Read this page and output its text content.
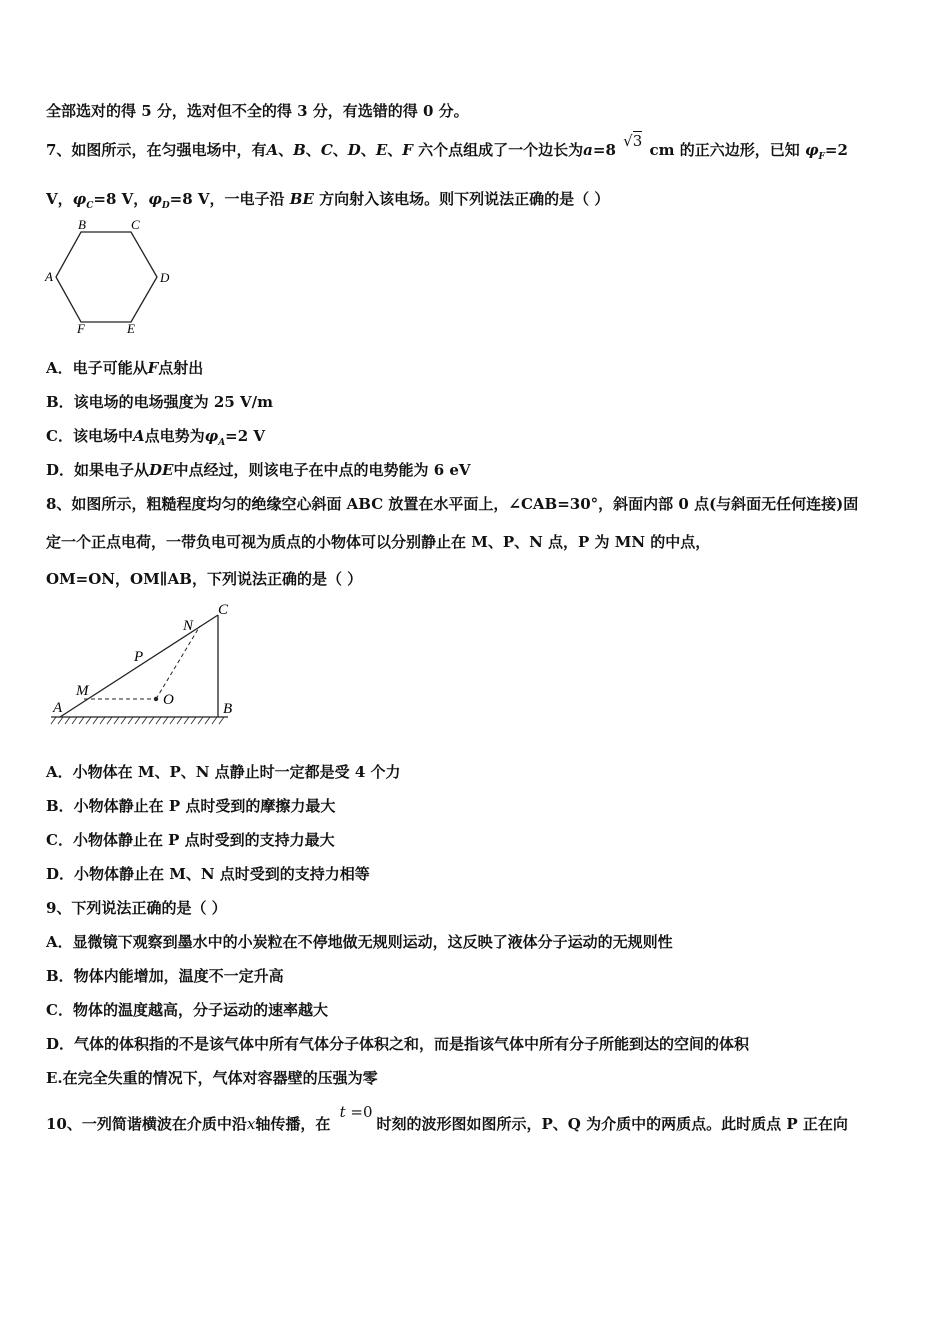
全部选对的得 5 分，选对但不全的得 3 分，有选错的得 0 分。
7、如图所示，在匀强电场中，有A、B、C、D、E、F 六个点组成了一个边长为a=8 √3 cm 的正六边形，已知 $\varphi_F=2$
V，$\varphi_C=8$ V，$\varphi_D=8$ V，一电子沿 BE 方向射入该电场。则下列说法正确的是（ ）
B	C
A	D
F	E
A．电子可能从F点射出
B．该电场的电场强度为 25 V/m
C．该电场中A点电势为$\varphi_A=2$ V
D．如果电子从DE中点经过，则该电子在中点的电势能为 6 eV
8、如图所示，粗糙程度均匀的绝缘空心斜面 ABC 放置在水平面上，∠CAB=30°，斜面内部 0 点(与斜面无任何连接)固
定一个正点电荷，一带负电可视为质点的小物体可以分别静止在 M、P、N 点，P 为 MN 的中点，
OM=ON，OM∥AB，下列说法正确的是（ ）
A	B
C
M
N
P
O
A．小物体在 M、P、N 点静止时一定都是受 4 个力
B．小物体静止在 P 点时受到的摩擦力最大
C．小物体静止在 P 点时受到的支持力最大
D．小物体静止在 M、N 点时受到的支持力相等
9、下列说法正确的是（ ）
A．显微镜下观察到墨水中的小炭粒在不停地做无规则运动，这反映了液体分子运动的无规则性
B．物体内能增加，温度不一定升高
C．物体的温度越高，分子运动的速率越大
D．气体的体积指的不是该气体中所有气体分子体积之和，而是指该气体中所有分子所能到达的空间的体积
E.在完全失重的情况下，气体对容器壁的压强为零
10、一列简谐横波在介质中沿x轴传播，在 t =0时刻的波形图如图所示，P、Q 为介质中的两质点。此时质点 P 正在向
